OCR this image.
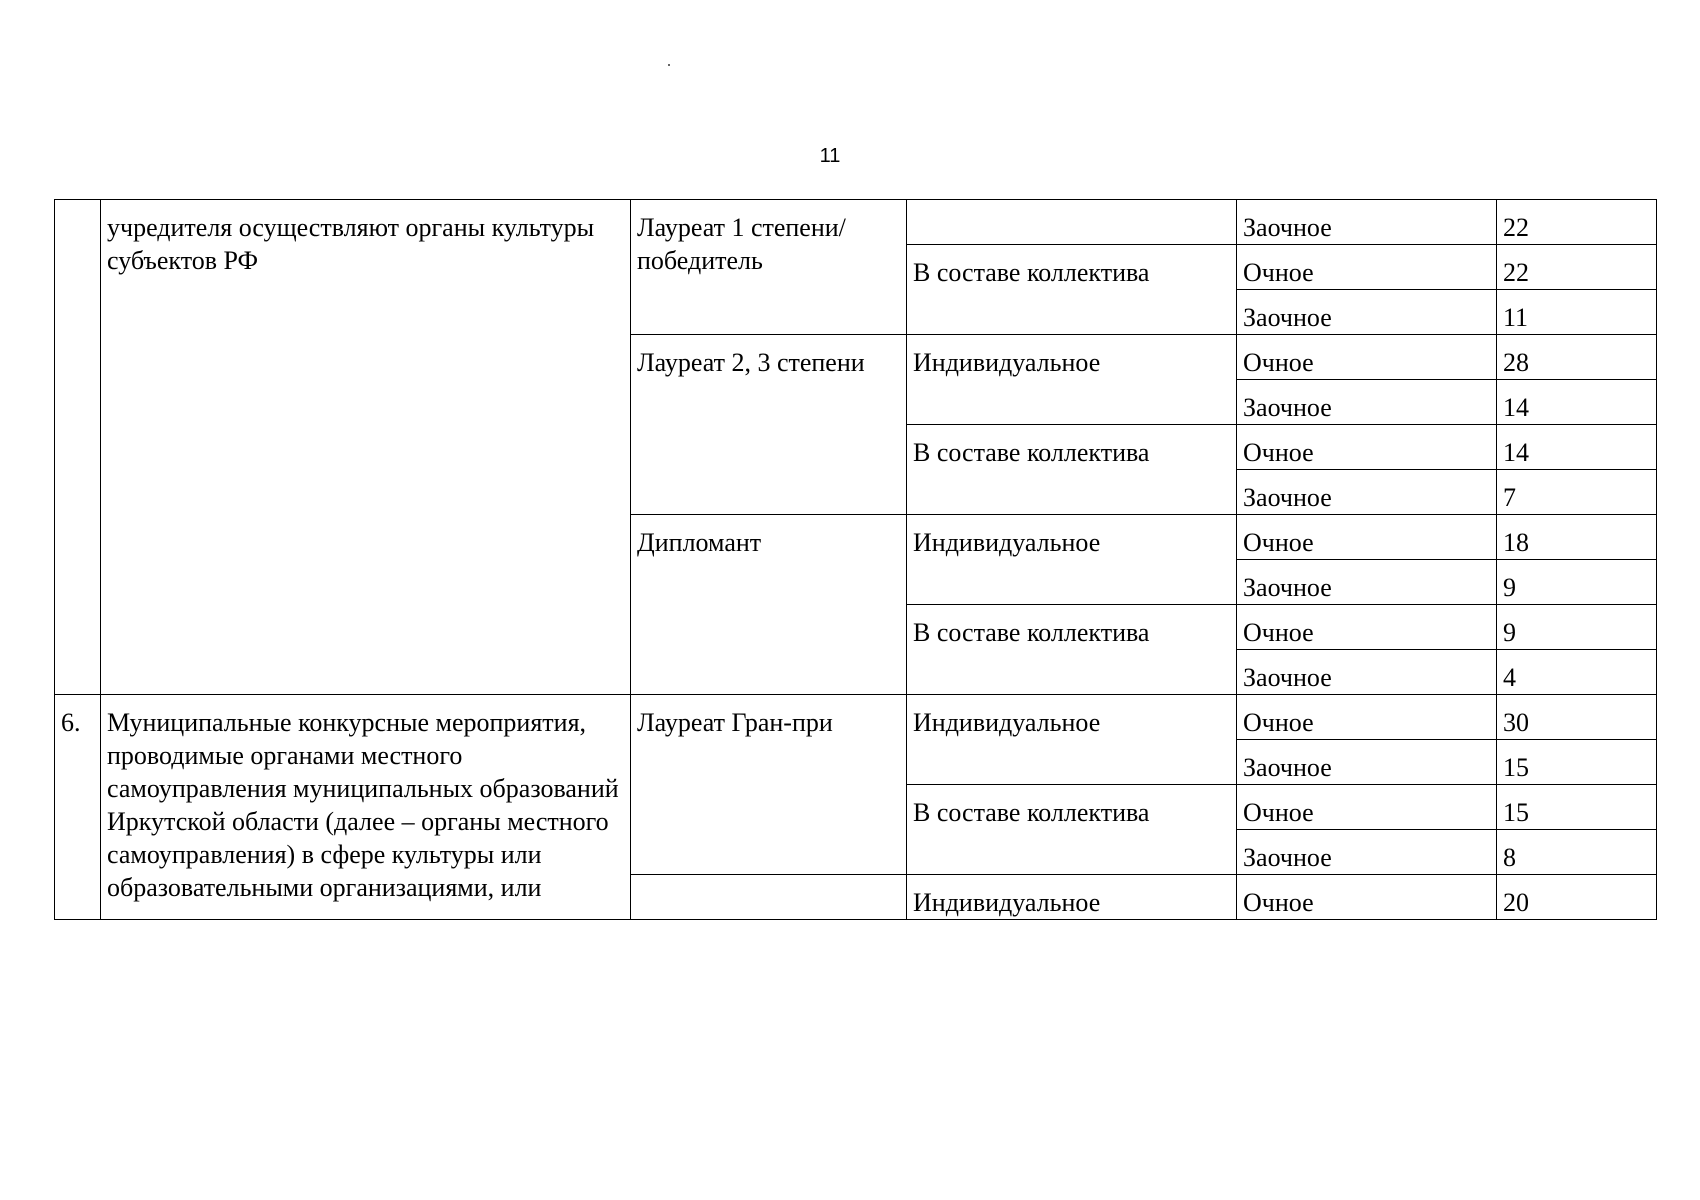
11
	учредителя осуществляют органы культуры субъектов РФ	Лауреат 1 степени/победитель		Заочное	22
			В составе коллектива	Очное	22
				Заочное	11
		Лауреат 2, 3 степени	Индивидуальное	Очное	28
				Заочное	14
			В составе коллектива	Очное	14
				Заочное	7
		Дипломант	Индивидуальное	Очное	18
				Заочное	9
			В составе коллектива	Очное	9
				Заочное	4
6.	Муниципальные конкурсные мероприятия, проводимые органами местного самоуправления муниципальных образований Иркутской области (далее – органы местного самоуправления) в сфере культуры или образовательными организациями, или	Лауреат Гран-при	Индивидуальное	Очное	30
				Заочное	15
			В составе коллектива	Очное	15
				Заочное	8
			Индивидуальное	Очное	20
